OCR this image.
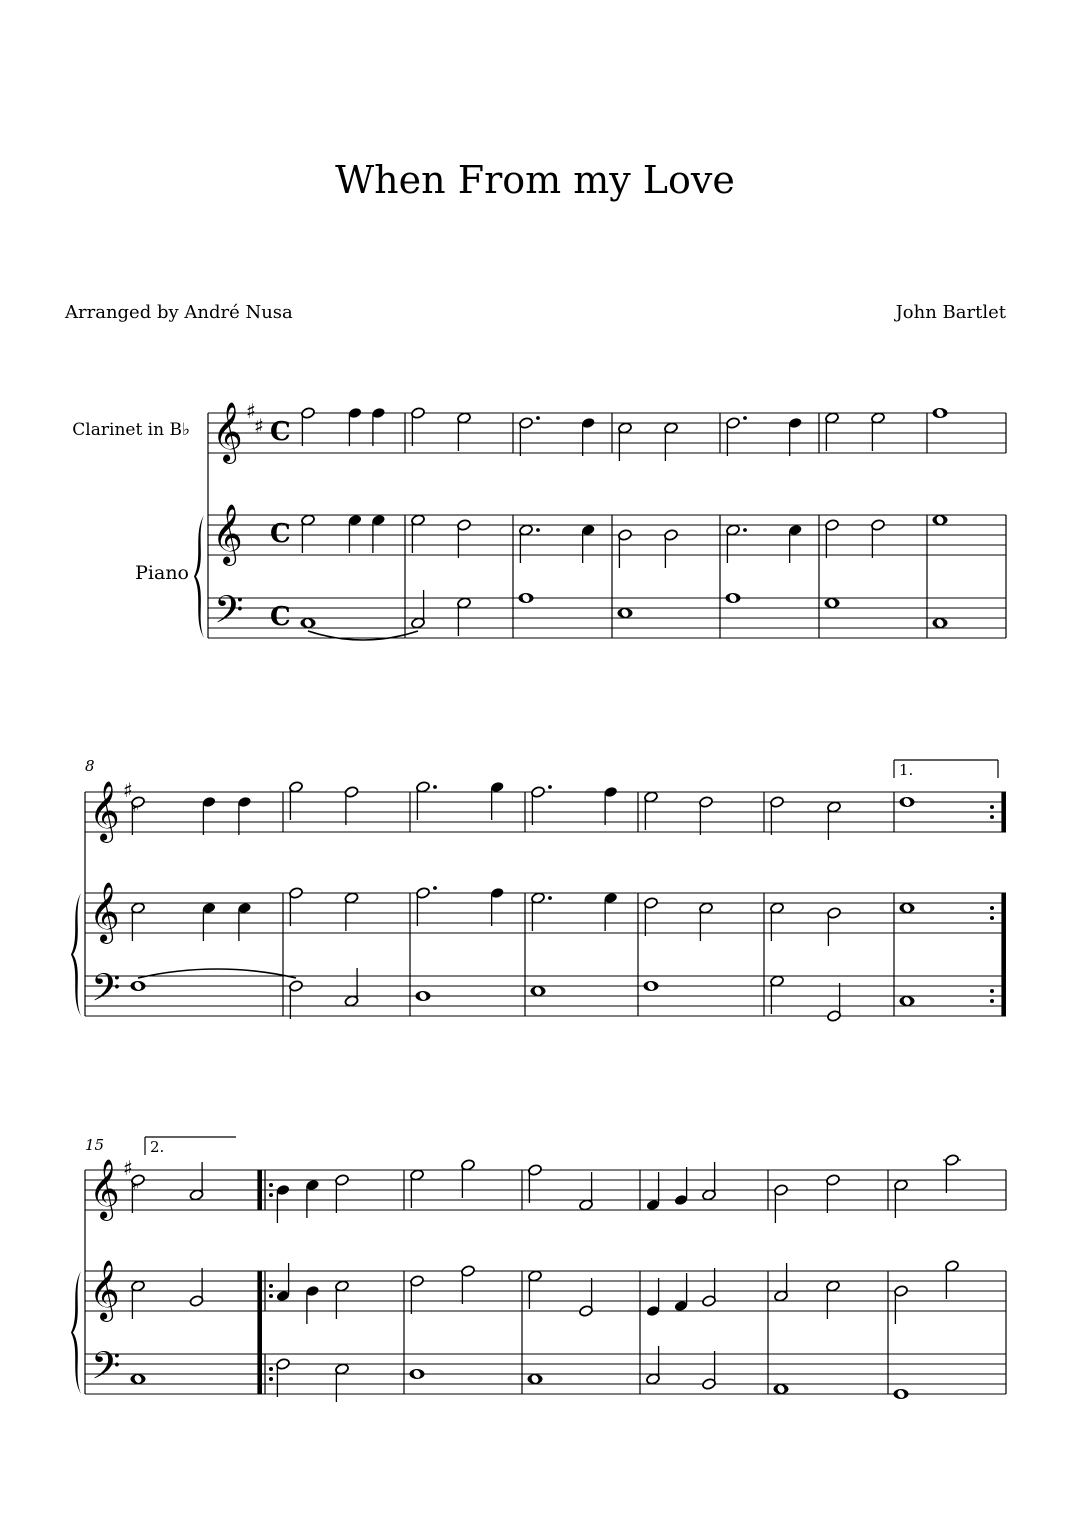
When From my Love
Arranged by André Nusa	John Bartlet
Clarinet in B♭
Piano
8
15
𝄞
𝄞
𝄢
♯
♯ C
C
C
𝄞
𝄞
𝄢
♯
𝄞
𝄞
𝄢
♯
1.
2.
